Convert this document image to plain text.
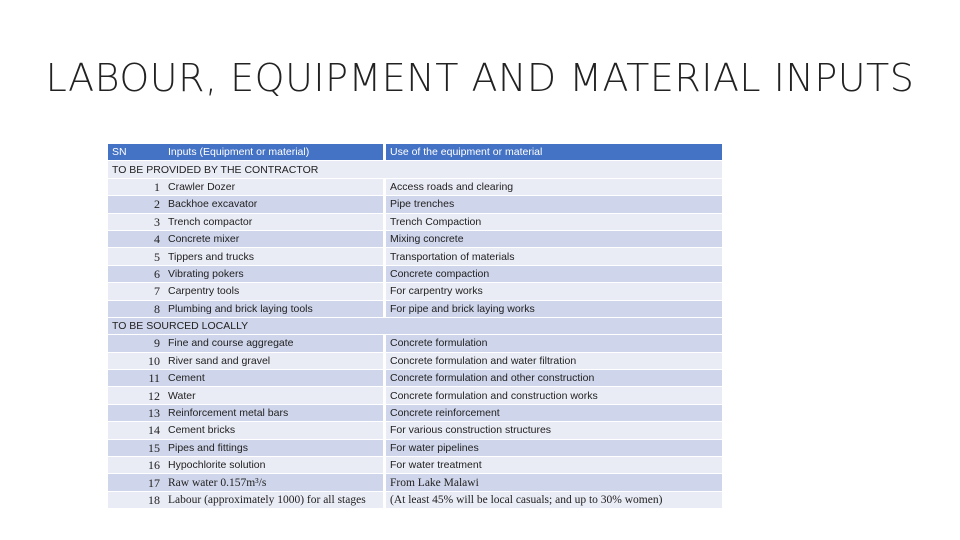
LABOUR, EQUIPMENT AND MATERIAL INPUTS
SN	Inputs (Equipment or material)	Use of the equipment or material
TO BE PROVIDED BY THE CONTRACTOR		
1	Crawler Dozer	Access roads and clearing
2	Backhoe excavator	Pipe trenches
3	Trench compactor	Trench Compaction
4	Concrete mixer	Mixing concrete
5	Tippers and trucks	Transportation of materials
6	Vibrating pokers	Concrete compaction
7	Carpentry tools	For carpentry works
8	Plumbing and brick laying tools	For pipe and brick laying works
TO BE SOURCED LOCALLY		
9	Fine and course aggregate	Concrete formulation
10	River sand and gravel	Concrete formulation and water filtration
11	Cement	Concrete formulation and other construction
12	Water	Concrete formulation and construction works
13	Reinforcement metal bars	Concrete reinforcement
14	Cement bricks	For various construction structures
15	Pipes and fittings	For water pipelines
16	Hypochlorite solution	For water treatment
17	Raw water 0.157m³/s	From Lake Malawi
18	Labour (approximately 1000) for all stages	(At least 45% will be local casuals; and up to 30% women)
